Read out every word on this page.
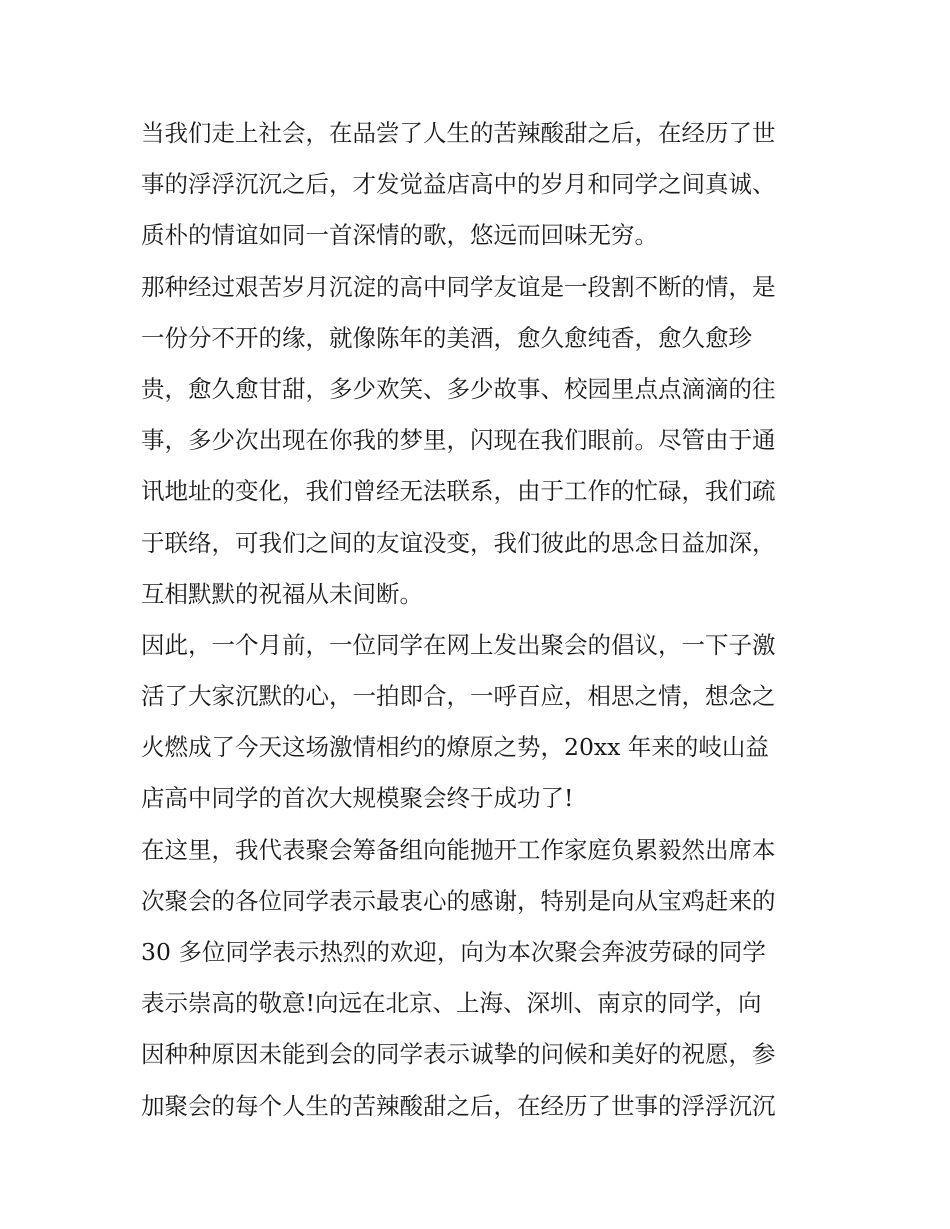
当我们走上社会，在品尝了人生的苦辣酸甜之后，在经历了世
事的浮浮沉沉之后，才发觉益店高中的岁月和同学之间真诚、
质朴的情谊如同一首深情的歌，悠远而回味无穷。
那种经过艰苦岁月沉淀的高中同学友谊是一段割不断的情，是
一份分不开的缘，就像陈年的美酒，愈久愈纯香，愈久愈珍
贵，愈久愈甘甜，多少欢笑、多少故事、校园里点点滴滴的往
事，多少次出现在你我的梦里，闪现在我们眼前。尽管由于通
讯地址的变化，我们曾经无法联系，由于工作的忙碌，我们疏
于联络，可我们之间的友谊没变，我们彼此的思念日益加深，
互相默默的祝福从未间断。
因此，一个月前，一位同学在网上发出聚会的倡议，一下子激
活了大家沉默的心，一拍即合，一呼百应，相思之情，想念之
火燃成了今天这场激情相约的燎原之势，20xx 年来的岐山益
店高中同学的首次大规模聚会终于成功了!
在这里，我代表聚会筹备组向能抛开工作家庭负累毅然出席本
次聚会的各位同学表示最衷心的感谢，特别是向从宝鸡赶来的
30 多位同学表示热烈的欢迎，向为本次聚会奔波劳碌的同学
表示崇高的敬意!向远在北京、上海、深圳、南京的同学，向
因种种原因未能到会的同学表示诚挚的问候和美好的祝愿，参
加聚会的每个人生的苦辣酸甜之后，在经历了世事的浮浮沉沉
